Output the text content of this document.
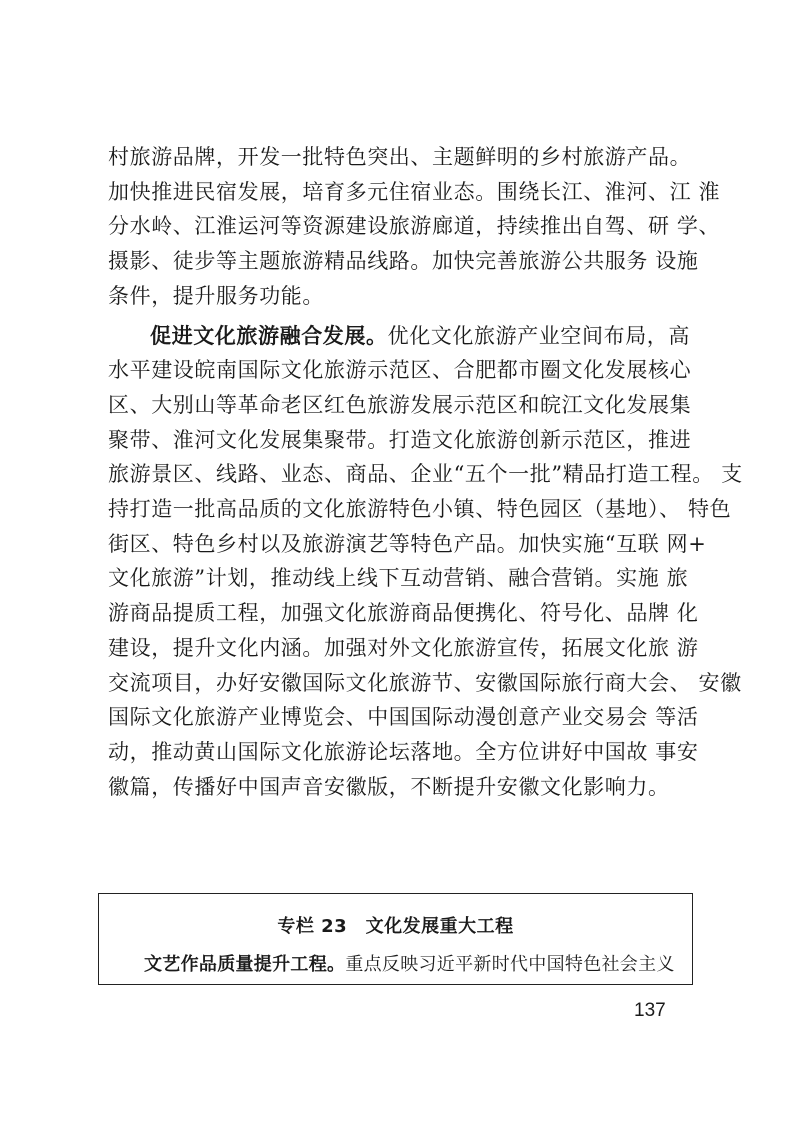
村旅游品牌，开发一批特色突出、主题鲜明的乡村旅游产品。
加快推进民宿发展，培育多元住宿业态。围绕长江、淮河、江 淮
分水岭、江淮运河等资源建设旅游廊道，持续推出自驾、研 学、
摄影、徒步等主题旅游精品线路。加快完善旅游公共服务 设施
条件，提升服务功能。
促进文化旅游融合发展。优化文化旅游产业空间布局，高
水平建设皖南国际文化旅游示范区、合肥都市圈文化发展核心
区、大别山等革命老区红色旅游发展示范区和皖江文化发展集
聚带、淮河文化发展集聚带。打造文化旅游创新示范区，推进
旅游景区、线路、业态、商品、企业“五个一批”精品打造工程。 支
持打造一批高品质的文化旅游特色小镇、特色园区（基地）、 特色
街区、特色乡村以及旅游演艺等特色产品。加快实施“互联 网+
文化旅游”计划，推动线上线下互动营销、融合营销。实施 旅
游商品提质工程，加强文化旅游商品便携化、符号化、品牌 化
建设，提升文化内涵。加强对外文化旅游宣传，拓展文化旅 游
交流项目，办好安徽国际文化旅游节、安徽国际旅行商大会、 安徽
国际文化旅游产业博览会、中国国际动漫创意产业交易会 等活
动，推动黄山国际文化旅游论坛落地。全方位讲好中国故 事安
徽篇，传播好中国声音安徽版，不断提升安徽文化影响力。
专栏 23　文化发展重大工程
文艺作品质量提升工程。重点反映习近平新时代中国特色社会主义
137
